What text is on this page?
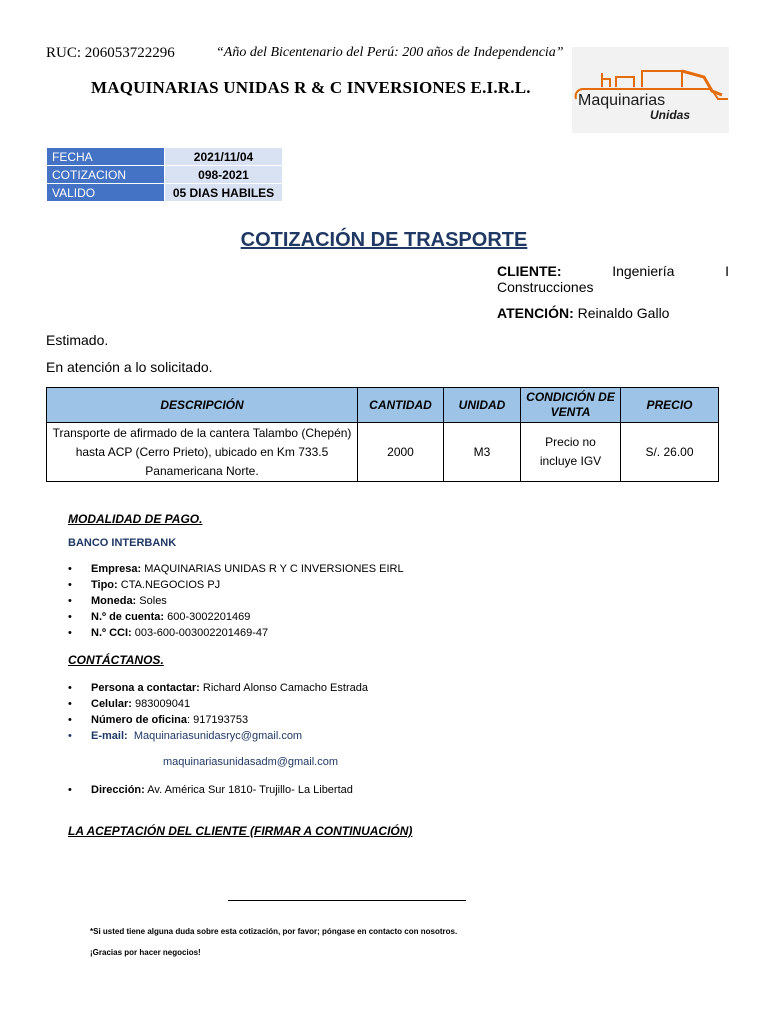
RUC: 206053722296	“Año del Bicentenario del Perú: 200 años de Independencia”
MAQUINARIAS UNIDAS R & C INVERSIONES E.I.R.L.
Maquinarias
Unidas
FECHA	2021/11/04
COTIZACION	098-2021
VALIDO	05 DIAS HABILES
COTIZACIÓN DE TRASPORTE
CLIENTE:	Ingeniería	I
Construcciones
ATENCIÓN: Reinaldo Gallo
Estimado.
En atención a lo solicitado.
DESCRIPCIÓN	CANTIDAD	UNIDAD	CONDICIÓN DE VENTA	PRECIO
Transporte de afirmado de la cantera Talambo (Chepén) hasta ACP (Cerro Prieto), ubicado en Km 733.5 Panamericana Norte.	2000	M3	Precio no incluye IGV	S/. 26.00
MODALIDAD DE PAGO.
BANCO INTERBANK
• Empresa: MAQUINARIAS UNIDAS R Y C INVERSIONES EIRL
• Tipo: CTA.NEGOCIOS PJ
• Moneda: Soles
• N.º de cuenta: 600-3002201469
• N.º CCI: 003-600-003002201469-47
CONTÁCTANOS.
• Persona a contactar: Richard Alonso Camacho Estrada
• Celular: 983009041
• Número de oficina: 917193753
• E-mail: Maquinariasunidasryc@gmail.com
maquinariasunidasadm@gmail.com
• Dirección: Av. América Sur 1810- Trujillo- La Libertad
LA ACEPTACIÓN DEL CLIENTE (FIRMAR A CONTINUACIÓN)
*Si usted tiene alguna duda sobre esta cotización, por favor; póngase en contacto con nosotros.
¡Gracias por hacer negocios!
